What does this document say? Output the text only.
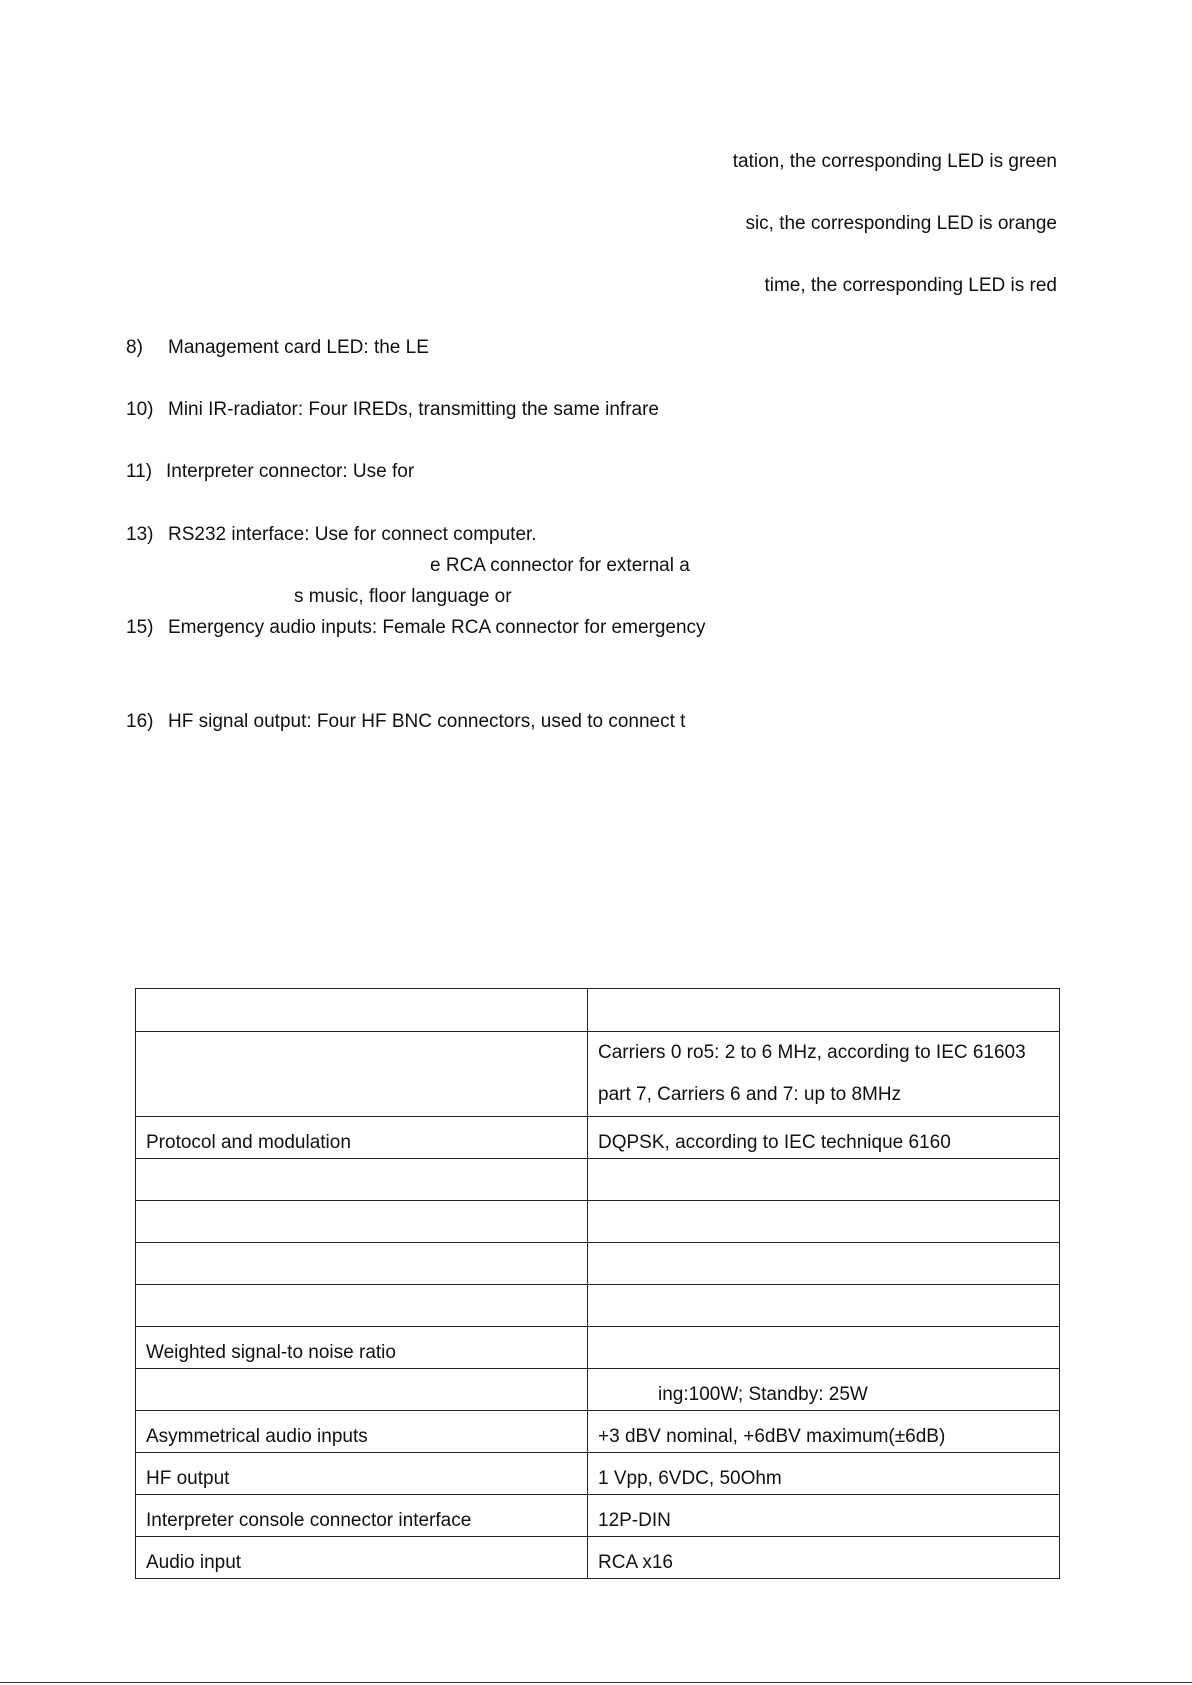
tation, the corresponding LED is green
sic, the corresponding LED is orange
time, the corresponding LED is red
8) Management card LED: the LE
10) Mini IR-radiator: Four IREDs, transmitting the same infrare
11) Interpreter connector: Use for
13) RS232 interface: Use for connect computer.
e RCA connector for external a
s music, floor language or
15) Emergency audio inputs: Female RCA connector for emergency
16) HF signal output: Four HF BNC connectors, used to connect t

	Carriers 0 ro5: 2 to 6 MHz, according to IEC 61603
part 7, Carriers 6 and 7: up to 8MHz

Protocol and modulation	DQPSK, according to IEC technique 6160

Weighted signal-to noise ratio	

	ing:100W; Standby: 25W

Asymmetrical audio inputs	+3 dBV nominal, +6dBV maximum(±6dB)

HF output	1 Vpp, 6VDC, 50Ohm

Interpreter console connector interface	12P-DIN

Audio input	RCA x16
